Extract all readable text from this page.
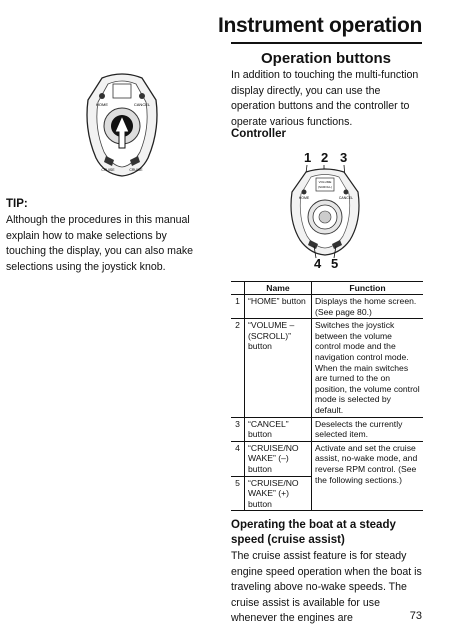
Instrument operation
HOME	CANCEL
CRUISE	CRUISE
Operation buttons
In addition to touching the multi-function display directly, you can use the operation buttons and the controller to operate various functions.
Controller
1 2 3
4 5
HOME	CANCEL
VOLUME
(SCROLL)
TIP:
Although the procedures in this manual explain how to make selections by touching the display, you can also make selections using the joystick knob.
	Name	Function
1	“HOME” button	Displays the home screen. (See page 80.)
2	“VOLUME – (SCROLL)” button	Switches the joystick between the volume control mode and the navigation control mode. When the main switches are turned to the on position, the volume control mode is selected by default.
3	“CANCEL” button	Deselects the currently selected item.
4	“CRUISE/NO WAKE” (–) button	Activate and set the cruise assist, no-wake mode, and reverse RPM control. (See the following sections.)
5	“CRUISE/NO WAKE” (+) button	
Operating the boat at a steady speed (cruise assist)
The cruise assist feature is for steady engine speed operation when the boat is traveling above no-wake speeds. The cruise assist is available for use whenever the engines are	73
